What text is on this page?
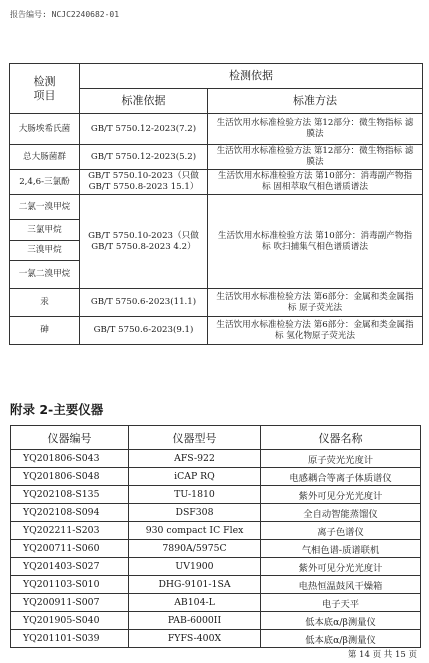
报告编号: NCJC2240682-01
检测
项目	检测依据	
	标准依据	标准方法
大肠埃希氏菌	GB/T 5750.12-2023(7.2)	生活饮用水标准检验方法 第12部分：微生物指标 滤膜法
总大肠菌群	GB/T 5750.12-2023(5.2)	生活饮用水标准检验方法 第12部分：微生物指标 滤膜法
2,4,6-三氯酚	GB/T 5750.10-2023（只做GB/T 5750.8-2023 15.1）	生活饮用水标准检验方法 第10部分：消毒副产物指标 固相萃取气相色谱质谱法
二氯一溴甲烷	GB/T 5750.10-2023（只做GB/T 5750.8-2023 4.2）	生活饮用水标准检验方法 第10部分：消毒副产物指标 吹扫捕集气相色谱质谱法
三氯甲烷		
三溴甲烷		
一氯二溴甲烷		
汞	GB/T 5750.6-2023(11.1)	生活饮用水标准检验方法 第6部分：金属和类金属指标 原子荧光法
砷	GB/T 5750.6-2023(9.1)	生活饮用水标准检验方法 第6部分：金属和类金属指标 氢化物原子荧光法
附录 2-主要仪器
仪器编号	仪器型号	仪器名称
YQ201806-S043	AFS-922	原子荧光光度计
YQ201806-S048	iCAP RQ	电感耦合等离子体质谱仪
YQ202108-S135	TU-1810	紫外可见分光光度计
YQ202108-S094	DSF308	全自动智能蒸馏仪
YQ202211-S203	930 compact IC Flex	离子色谱仪
YQ200711-S060	7890A/5975C	气相色谱-质谱联机
YQ201403-S027	UV1900	紫外可见分光光度计
YQ201103-S010	DHG-9101-1SA	电热恒温鼓风干燥箱
YQ200911-S007	AB104-L	电子天平
YQ201905-S040	PAB-6000II	低本底α/β测量仪
YQ201101-S039	FYFS-400X	低本底α/β测量仪
第 14 页 共 15 页
